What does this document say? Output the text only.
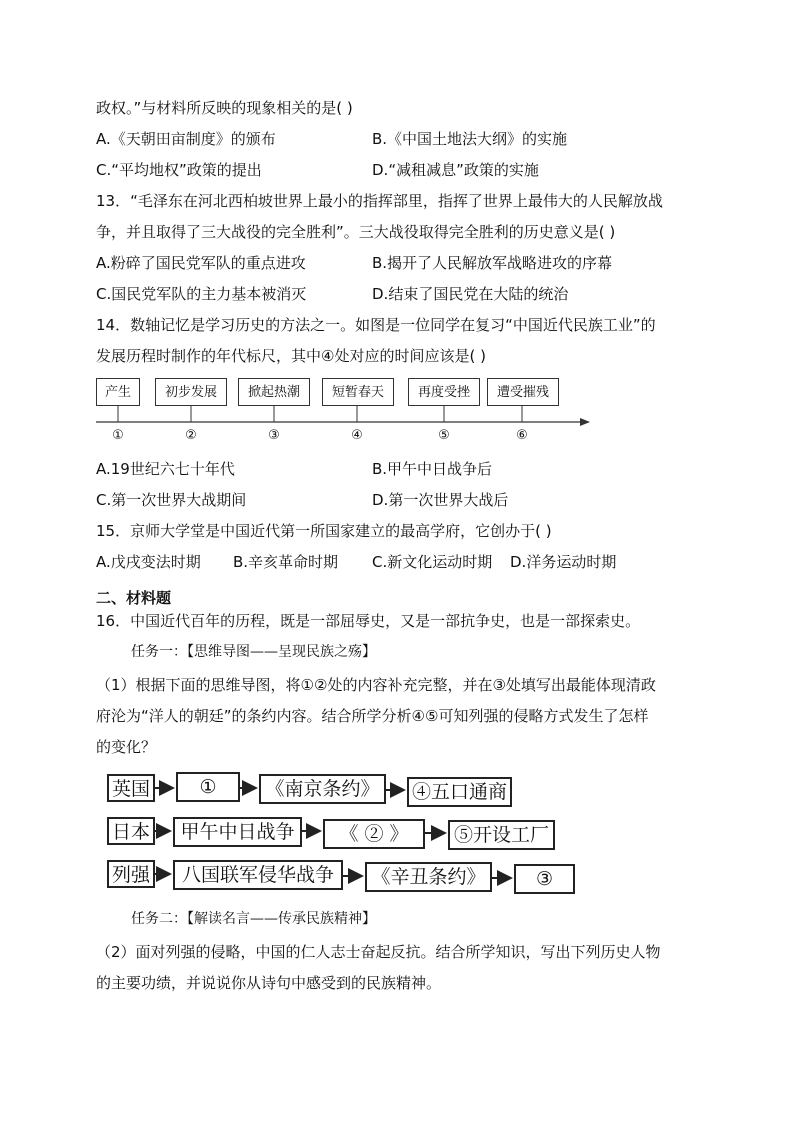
政权。”与材料所反映的现象相关的是( )
A.《天朝田亩制度》的颁布	B.《中国土地法大纲》的实施
C.“平均地权”政策的提出	D.“减租减息”政策的实施
13．“毛泽东在河北西柏坡世界上最小的指挥部里，指挥了世界上最伟大的人民解放战
争，并且取得了三大战役的完全胜利”。三大战役取得完全胜利的历史意义是( )
A.粉碎了国民党军队的重点进攻	B.揭开了人民解放军战略进攻的序幕
C.国民党军队的主力基本被消灭	D.结束了国民党在大陆的统治
14．数轴记忆是学习历史的方法之一。如图是一位同学在复习“中国近代民族工业”的
发展历程时制作的年代标尺，其中④处对应的时间应该是( )
产生	初步发展	掀起热潮	短暂春天	再度受挫	遭受摧残
①	②	③	④	⑤	⑥
A.19世纪六七十年代	B.甲午中日战争后
C.第一次世界大战期间	D.第一次世界大战后
15．京师大学堂是中国近代第一所国家建立的最高学府，它创办于( )
A.戊戌变法时期 B.辛亥革命时期 C.新文化运动时期 D.洋务运动时期
二、材料题
16．中国近代百年的历程，既是一部屈辱史，又是一部抗争史，也是一部探索史。
任务一：【思维导图——呈现民族之殇】
（1）根据下面的思维导图，将①②处的内容补充完整，并在③处填写出最能体现清政
府沦为“洋人的朝廷”的条约内容。结合所学分析④⑤可知列强的侵略方式发生了怎样
的变化？
英国	①	《南京条约》	④五口通商
日本	甲午中日战争	《 ② 》	⑤开设工厂
列强	八国联军侵华战争	《辛丑条约》	③
任务二：【解读名言——传承民族精神】
（2）面对列强的侵略，中国的仁人志士奋起反抗。结合所学知识，写出下列历史人物
的主要功绩，并说说你从诗句中感受到的民族精神。
